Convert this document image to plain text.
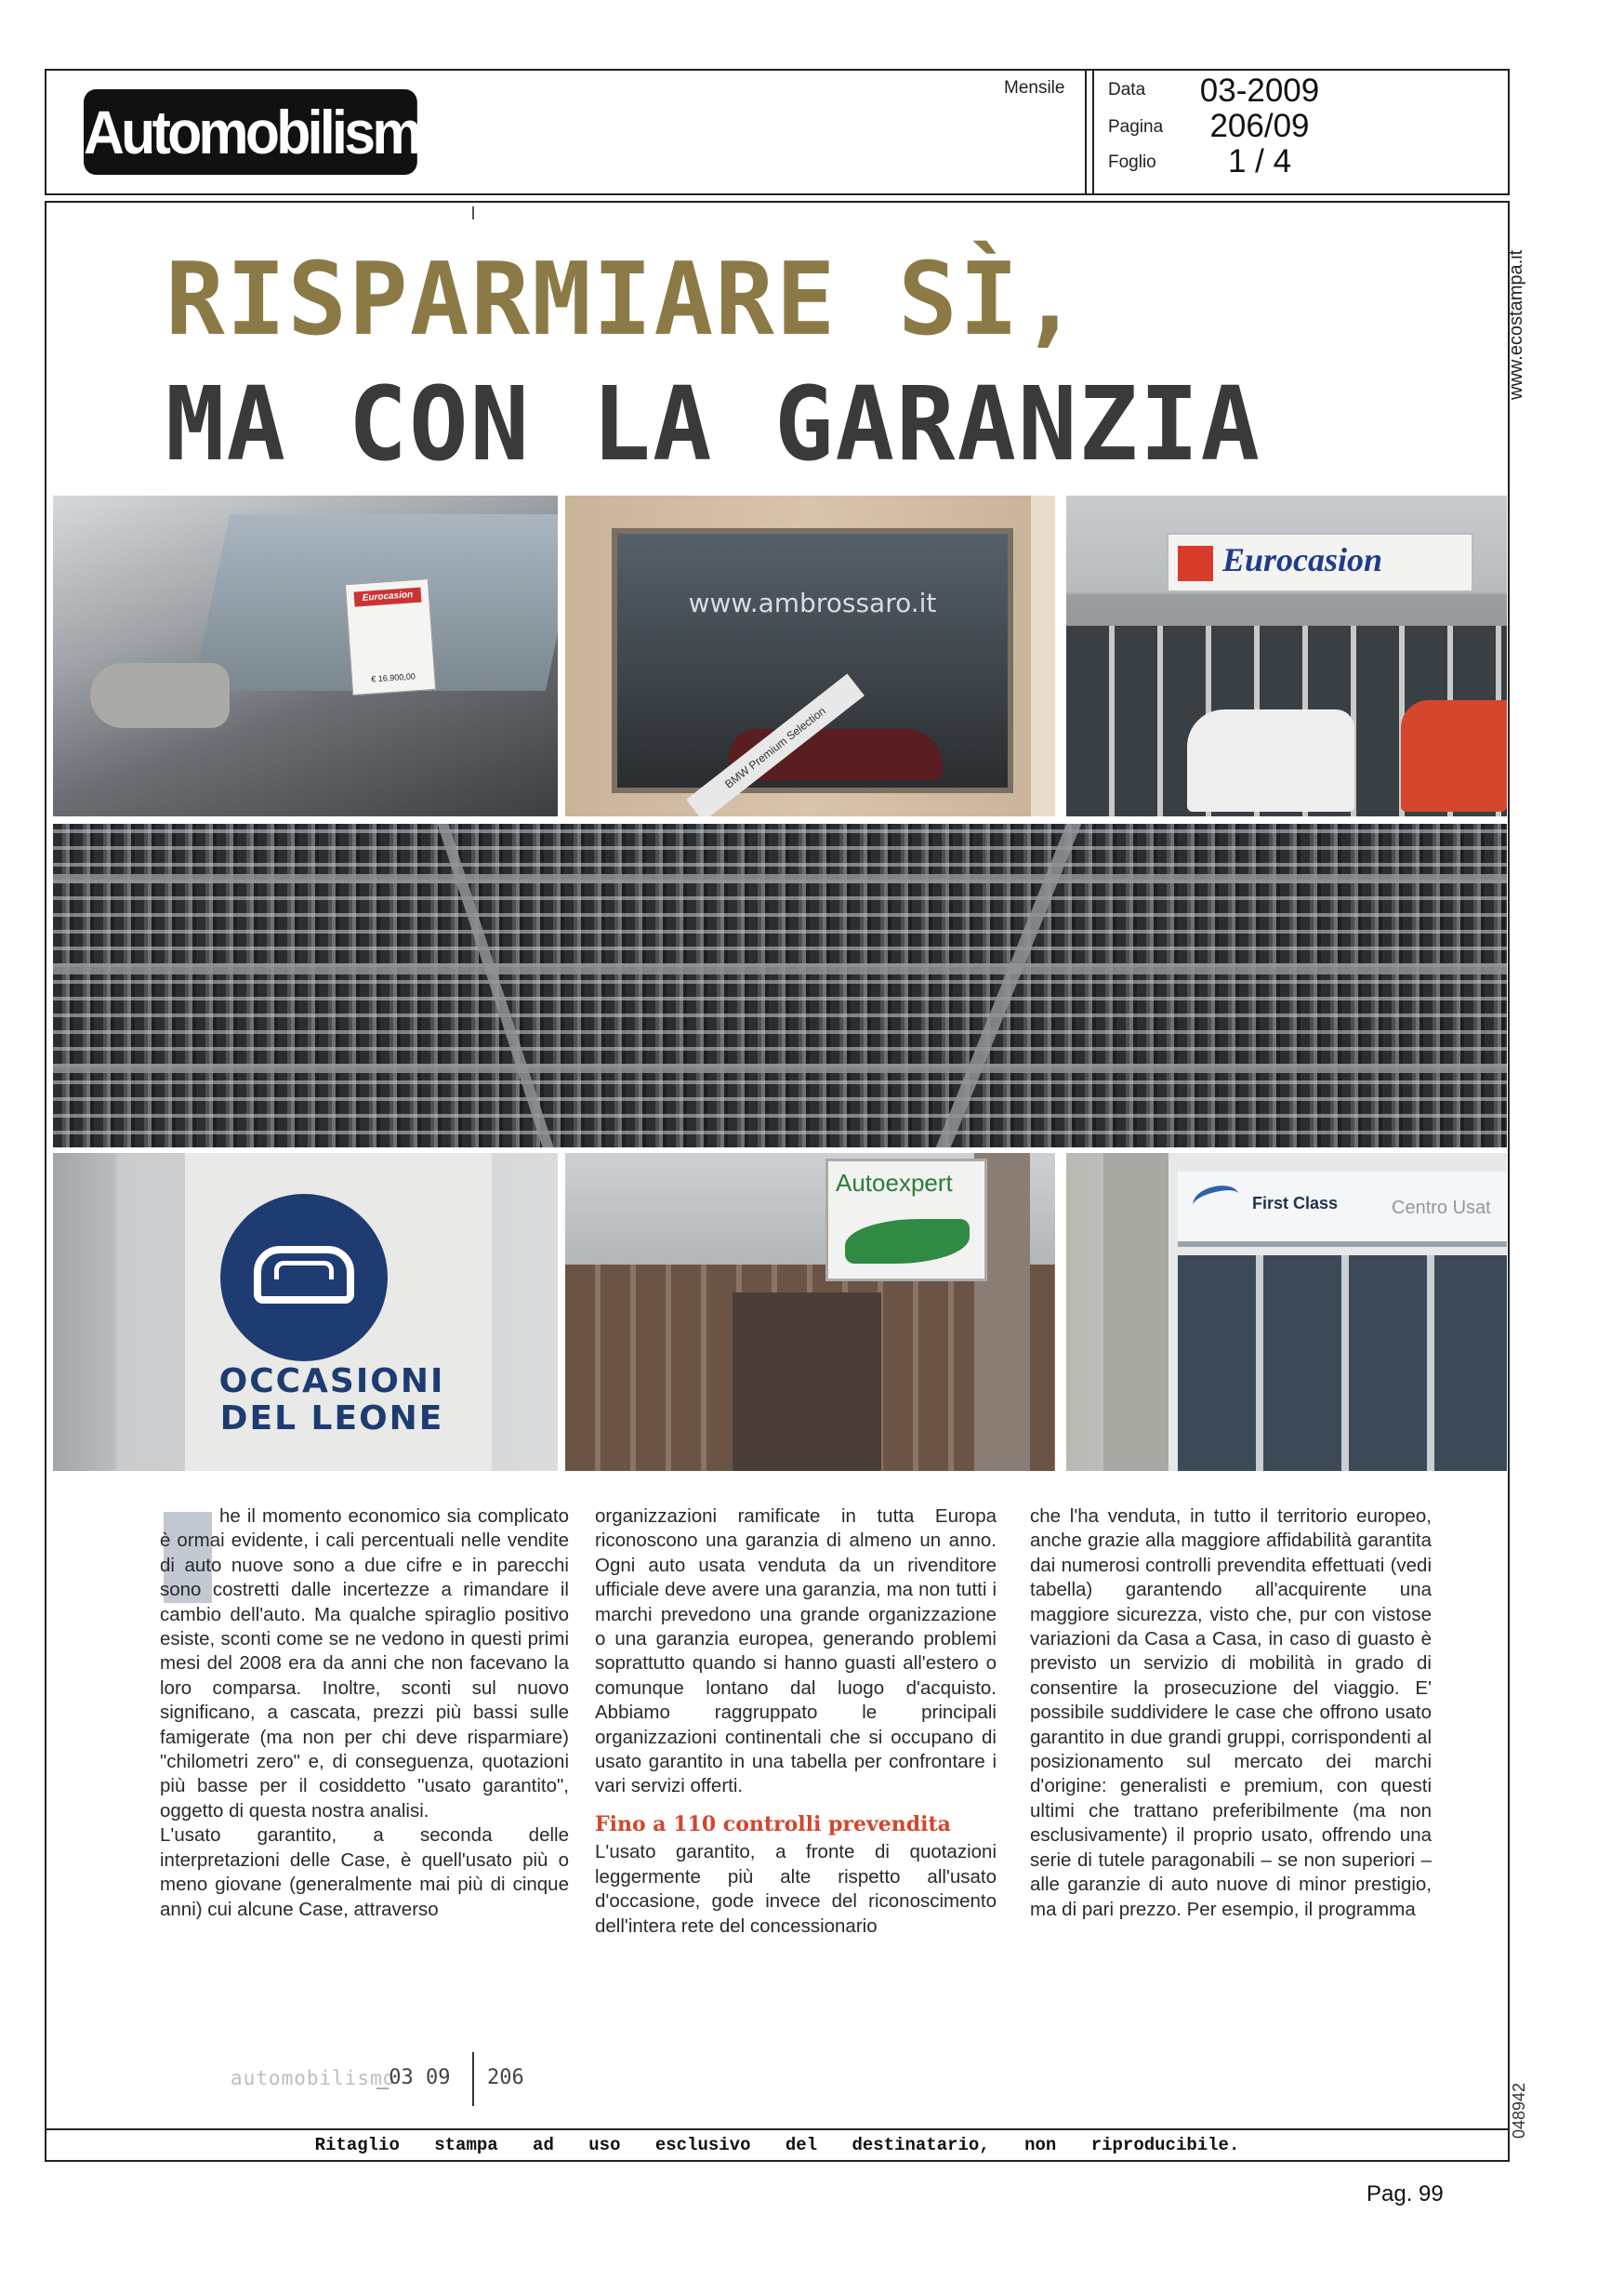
Automobilismo
Mensile Data	03-2009
Pagina	206/09
Foglio	1 / 4
www.ecostampa.it
048942
RISPARMIARE SÌ,
MA CON LA GARANZIA
Eurocasion
€ 16.900,00
www.ambrossaro.it
BMW Premium Selection
Eurocasion
OCCASIONI DEL LEONE
Autoexpert
First Class	Centro Usat

he il momento economico sia complicato è ormai evidente, i cali percentuali nelle vendite di auto nuove sono a due cifre e in parecchi sono costretti dalle incertezze a rimandare il cambio dell'auto. Ma qualche spiraglio positivo esiste, sconti come se ne vedono in questi primi mesi del 2008 era da anni che non facevano la loro comparsa. Inoltre, sconti sul nuovo significano, a cascata, prezzi più bassi sulle famigerate (ma non per chi deve risparmiare) "chilometri zero" e, di conseguenza, quotazioni più basse per il cosiddetto "usato garantito", oggetto di questa nostra analisi.

L'usato garantito, a seconda delle interpretazioni delle Case, è quell'usato più o meno giovane (generalmente mai più di cinque anni) cui alcune Case, attraverso

organizzazioni ramificate in tutta Europa riconoscono una garanzia di almeno un anno. Ogni auto usata venduta da un rivenditore ufficiale deve avere una garanzia, ma non tutti i marchi prevedono una grande organizzazione o una garanzia europea, generando problemi soprattutto quando si hanno guasti all'estero o comunque lontano dal luogo d'acquisto. Abbiamo raggruppato le principali organizzazioni continentali che si occupano di usato garantito in una tabella per confrontare i vari servizi offerti.

Fino a 110 controlli prevendita

L'usato garantito, a fronte di quotazioni leggermente più alte rispetto all'usato d'occasione, gode invece del riconoscimento dell'intera rete del concessionario

che l'ha venduta, in tutto il territorio europeo, anche grazie alla maggiore affidabilità garantita dai numerosi controlli prevendita effettuati (vedi tabella) garantendo all'acquirente una maggiore sicurezza, visto che, pur con vistose variazioni da Casa a Casa, in caso di guasto è previsto un servizio di mobilità in grado di consentire la prosecuzione del viaggio. E' possibile suddividere le case che offrono usato garantito in due grandi gruppi, corrispondenti al posizionamento sul mercato dei marchi d'origine: generalisti e premium, con questi ultimi che trattano preferibilmente (ma non esclusivamente) il proprio usato, offrendo una serie di tutele paragonabili – se non superiori – alle garanzie di auto nuove di minor prestigio, ma di pari prezzo. Per esempio, il programma

automobilismo
_03 09 206
Ritaglio stampa ad uso esclusivo del destinatario, non riproducibile.
Pag. 99
